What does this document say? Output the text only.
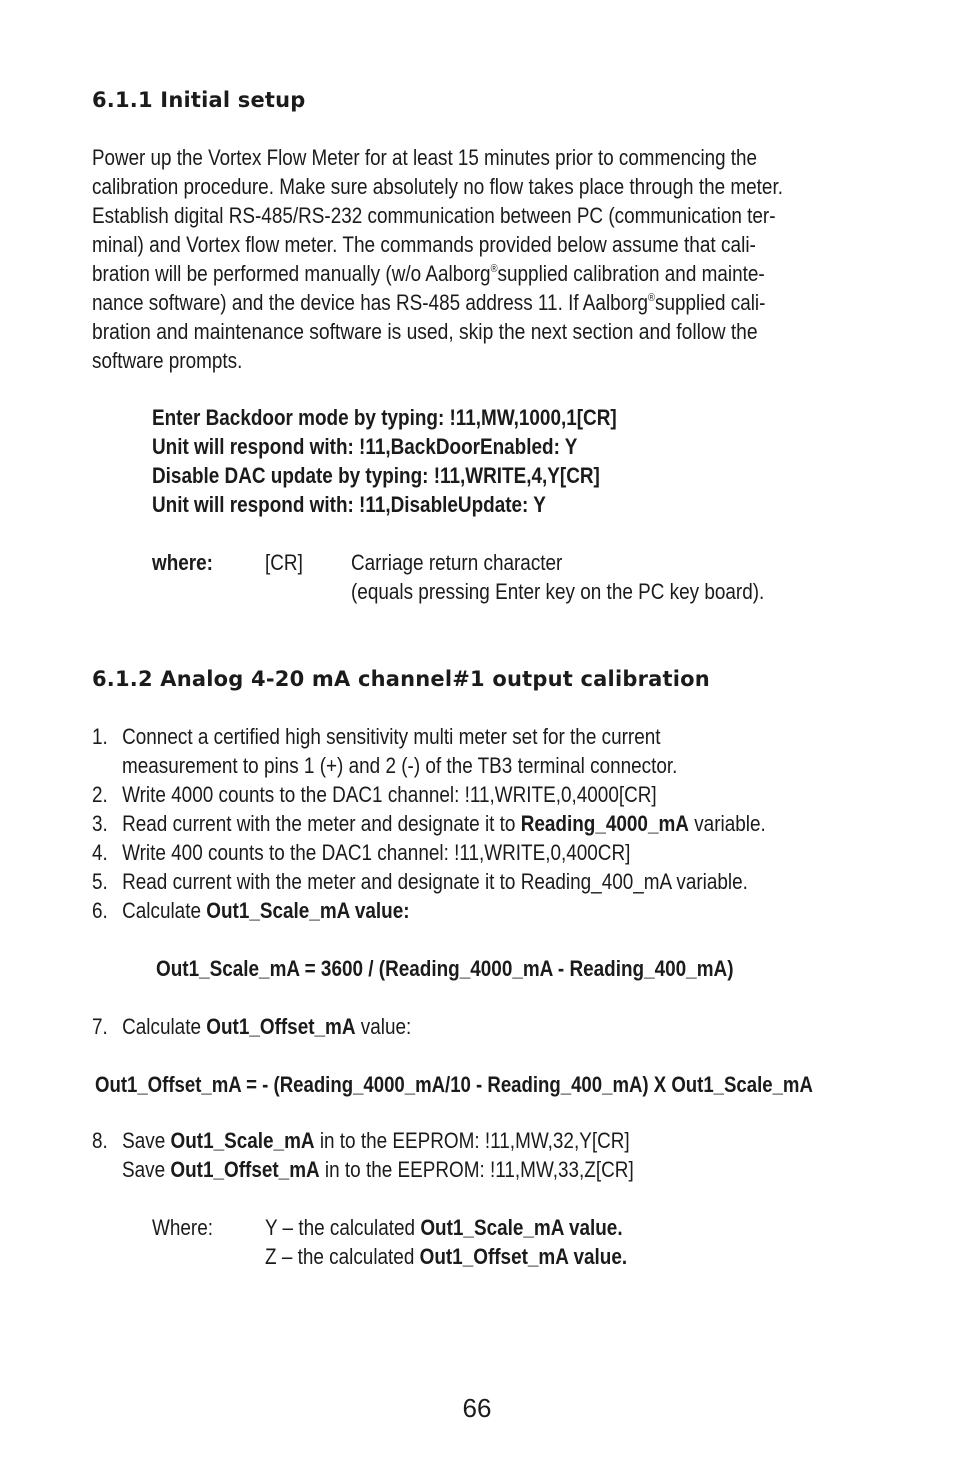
6.1.1 Initial setup
Power up the Vortex Flow Meter for at least 15 minutes prior to commencing the
calibration procedure. Make sure absolutely no flow takes place through the meter.
Establish digital RS-485/RS-232 communication between PC (communication ter-
minal) and Vortex flow meter. The commands provided below assume that cali-
bration will be performed manually (w/o Aalborg®supplied calibration and mainte-
nance software) and the device has RS-485 address 11. If Aalborg®supplied cali-
bration and maintenance software is used, skip the next section and follow the
software prompts.
Enter Backdoor mode by typing: !11,MW,1000,1[CR]
Unit will respond with: !11,BackDoorEnabled: Y
Disable DAC update by typing: !11,WRITE,4,Y[CR]
Unit will respond with: !11,DisableUpdate: Y
where: [CR] Carriage return character
(equals pressing Enter key on the PC key board).
6.1.2 Analog 4-20 mA channel#1 output calibration
1. Connect a certified high sensitivity multi meter set for the current
measurement to pins 1 (+) and 2 (-) of the TB3 terminal connector.
2. Write 4000 counts to the DAC1 channel: !11,WRITE,0,4000[CR]
3. Read current with the meter and designate it to Reading_4000_mA variable.
4. Write 400 counts to the DAC1 channel: !11,WRITE,0,400CR]
5. Read current with the meter and designate it to Reading_400_mA variable.
6. Calculate Out1_Scale_mA value:
Out1_Scale_mA = 3600 / (Reading_4000_mA - Reading_400_mA)
7. Calculate Out1_Offset_mA value:
Out1_Offset_mA = - (Reading_4000_mA/10 - Reading_400_mA) X Out1_Scale_mA
8. Save Out1_Scale_mA in to the EEPROM: !11,MW,32,Y[CR]
Save Out1_Offset_mA in to the EEPROM: !11,MW,33,Z[CR]
Where: Y – the calculated Out1_Scale_mA value.
Z – the calculated Out1_Offset_mA value.
66
